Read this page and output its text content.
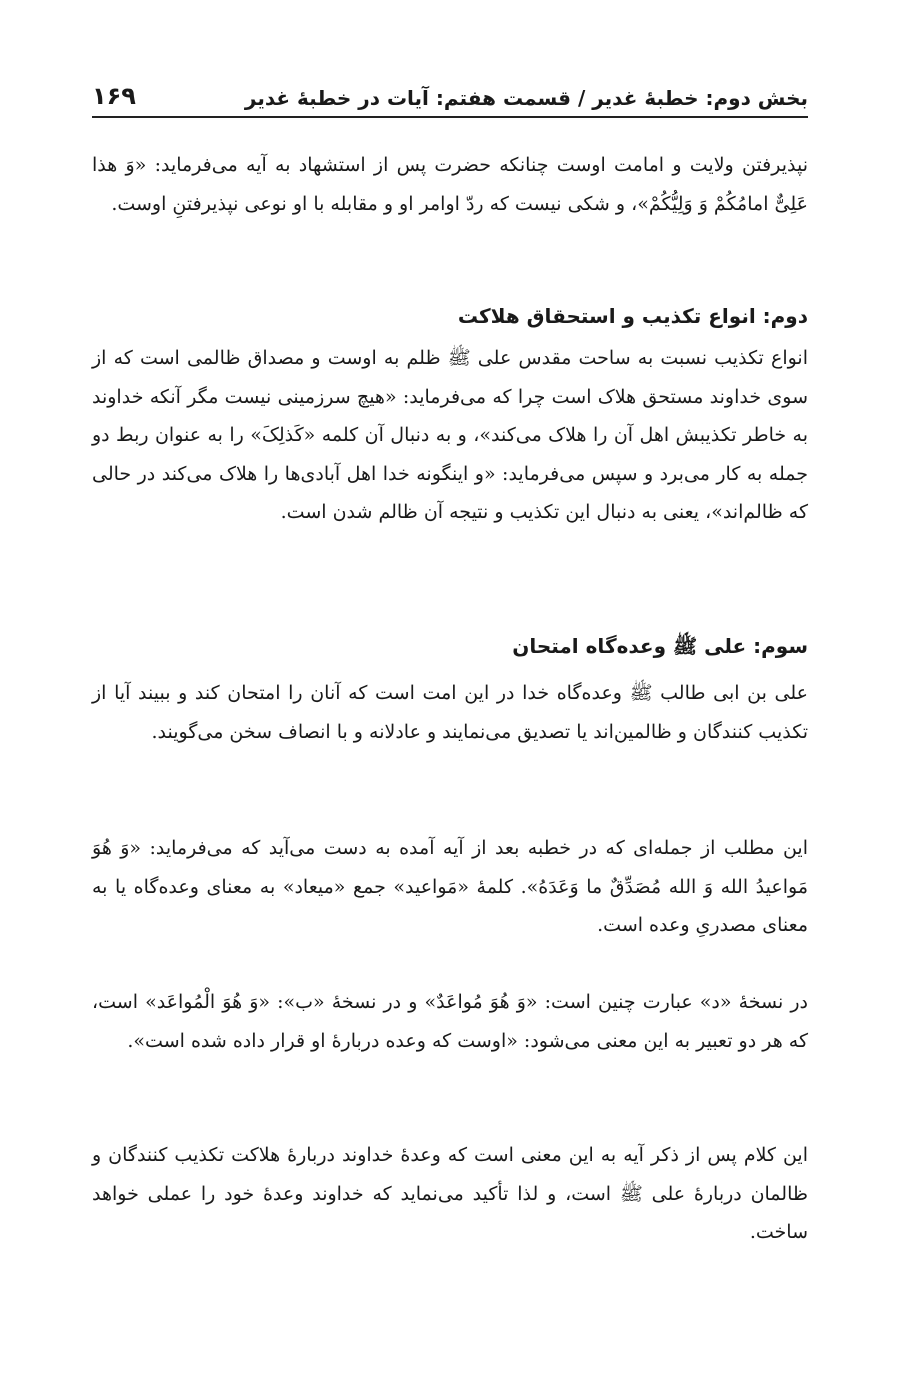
بخش دوم: خطبهٔ غدیر / قسمت هفتم: آیات در خطبهٔ غدیر
۱۶۹

نپذیرفتن ولایت و امامت اوست چنانکه حضرت پس از استشهاد به آیه می‌فرماید: «وَ هذا عَلِیٌّ امامُکُمْ وَ وَلِیُّکُمْ»، و شکی نیست که ردّ اوامر او و مقابله با او نوعی نپذیرفتنِ اوست.

دوم: انواع تکذیب و استحقاق هلاکت

انواع تکذیب نسبت به ساحت مقدس علی ﷺ ظلم به اوست و مصداق ظالمی است که از سوی خداوند مستحق هلاک است چرا که می‌فرماید: «هیچ سرزمینی نیست مگر آنکه خداوند به خاطر تکذیبش اهل آن را هلاک می‌کند»، و به دنبال آن کلمه «کَذلِکَ» را به عنوان ربط دو جمله به کار می‌برد و سپس می‌فرماید: «و اینگونه خدا اهل آبادی‌ها را هلاک می‌کند در حالی که ظالم‌اند»، یعنی به دنبال این تکذیب و نتیجه آن ظالم شدن است.

سوم: علی ﷺ وعده‌گاه امتحان

علی بن ابی طالب ﷺ وعده‌گاه خدا در این امت است که آنان را امتحان کند و ببیند آیا از تکذیب کنندگان و ظالمین‌اند یا تصدیق می‌نمایند و عادلانه و با انصاف سخن می‌گویند.

این مطلب از جمله‌ای که در خطبه بعد از آیه آمده به دست می‌آید که می‌فرماید: «وَ هُوَ مَواعیدُ الله وَ الله مُصَدِّقٌ ما وَعَدَهُ». کلمهٔ «مَواعید» جمع «میعاد» به معنای وعده‌گاه یا به معنای مصدریِ وعده است.

در نسخهٔ «د» عبارت چنین است: «وَ هُوَ مُواعَدٌ» و در نسخهٔ «ب»: «وَ هُوَ الْمُواعَد» است، که هر دو تعبیر به این معنی می‌شود: «اوست که وعده دربارهٔ او قرار داده شده است».

این کلام پس از ذکر آیه به این معنی است که وعدهٔ خداوند دربارهٔ هلاکت تکذیب کنندگان و ظالمان دربارهٔ علی ﷺ است، و لذا تأکید می‌نماید که خداوند وعدهٔ خود را عملی خواهد ساخت.
